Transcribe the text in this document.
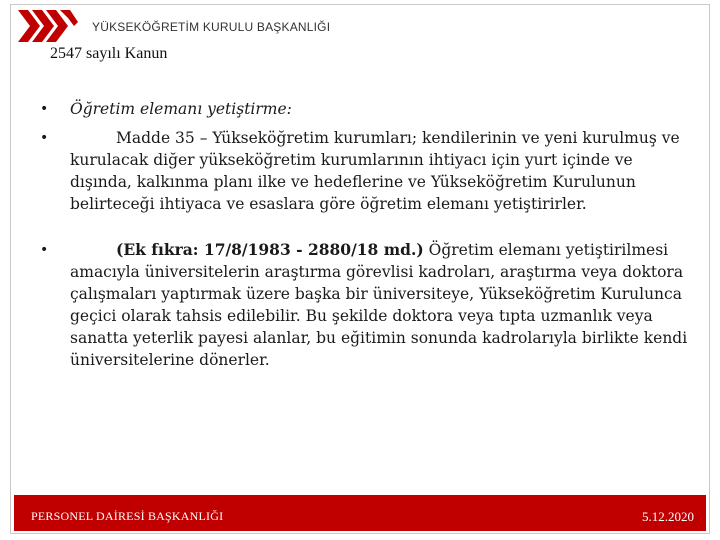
YÜKSEKÖĞRETİM KURULU BAŞKANLIĞI
2547 sayılı Kanun

•	Öğretim elemanı yetiştirme:

•	Madde 35 – Yükseköğretim kurumları; kendilerinin ve yeni kurulmuş ve kurulacak diğer yükseköğretim kurumlarının ihtiyacı için yurt içinde ve dışında, kalkınma planı ilke ve hedeflerine ve Yükseköğretim Kurulunun belirteceği ihtiyaca ve esaslara göre öğretim elemanı yetiştirirler.

•	(Ek fıkra: 17/8/1983 - 2880/18 md.) Öğretim elemanı yetiştirilmesi amacıyla üniversitelerin araştırma görevlisi kadroları, araştırma veya doktora çalışmaları yaptırmak üzere başka bir üniversiteye, Yükseköğretim Kurulunca geçici olarak tahsis edilebilir. Bu şekilde doktora veya tıpta uzmanlık veya sanatta yeterlik payesi alanlar, bu eğitimin sonunda kadrolarıyla birlikte kendi üniversitelerine dönerler.

PERSONEL DAİRESİ BAŞKANLIĞI	5.12.2020
